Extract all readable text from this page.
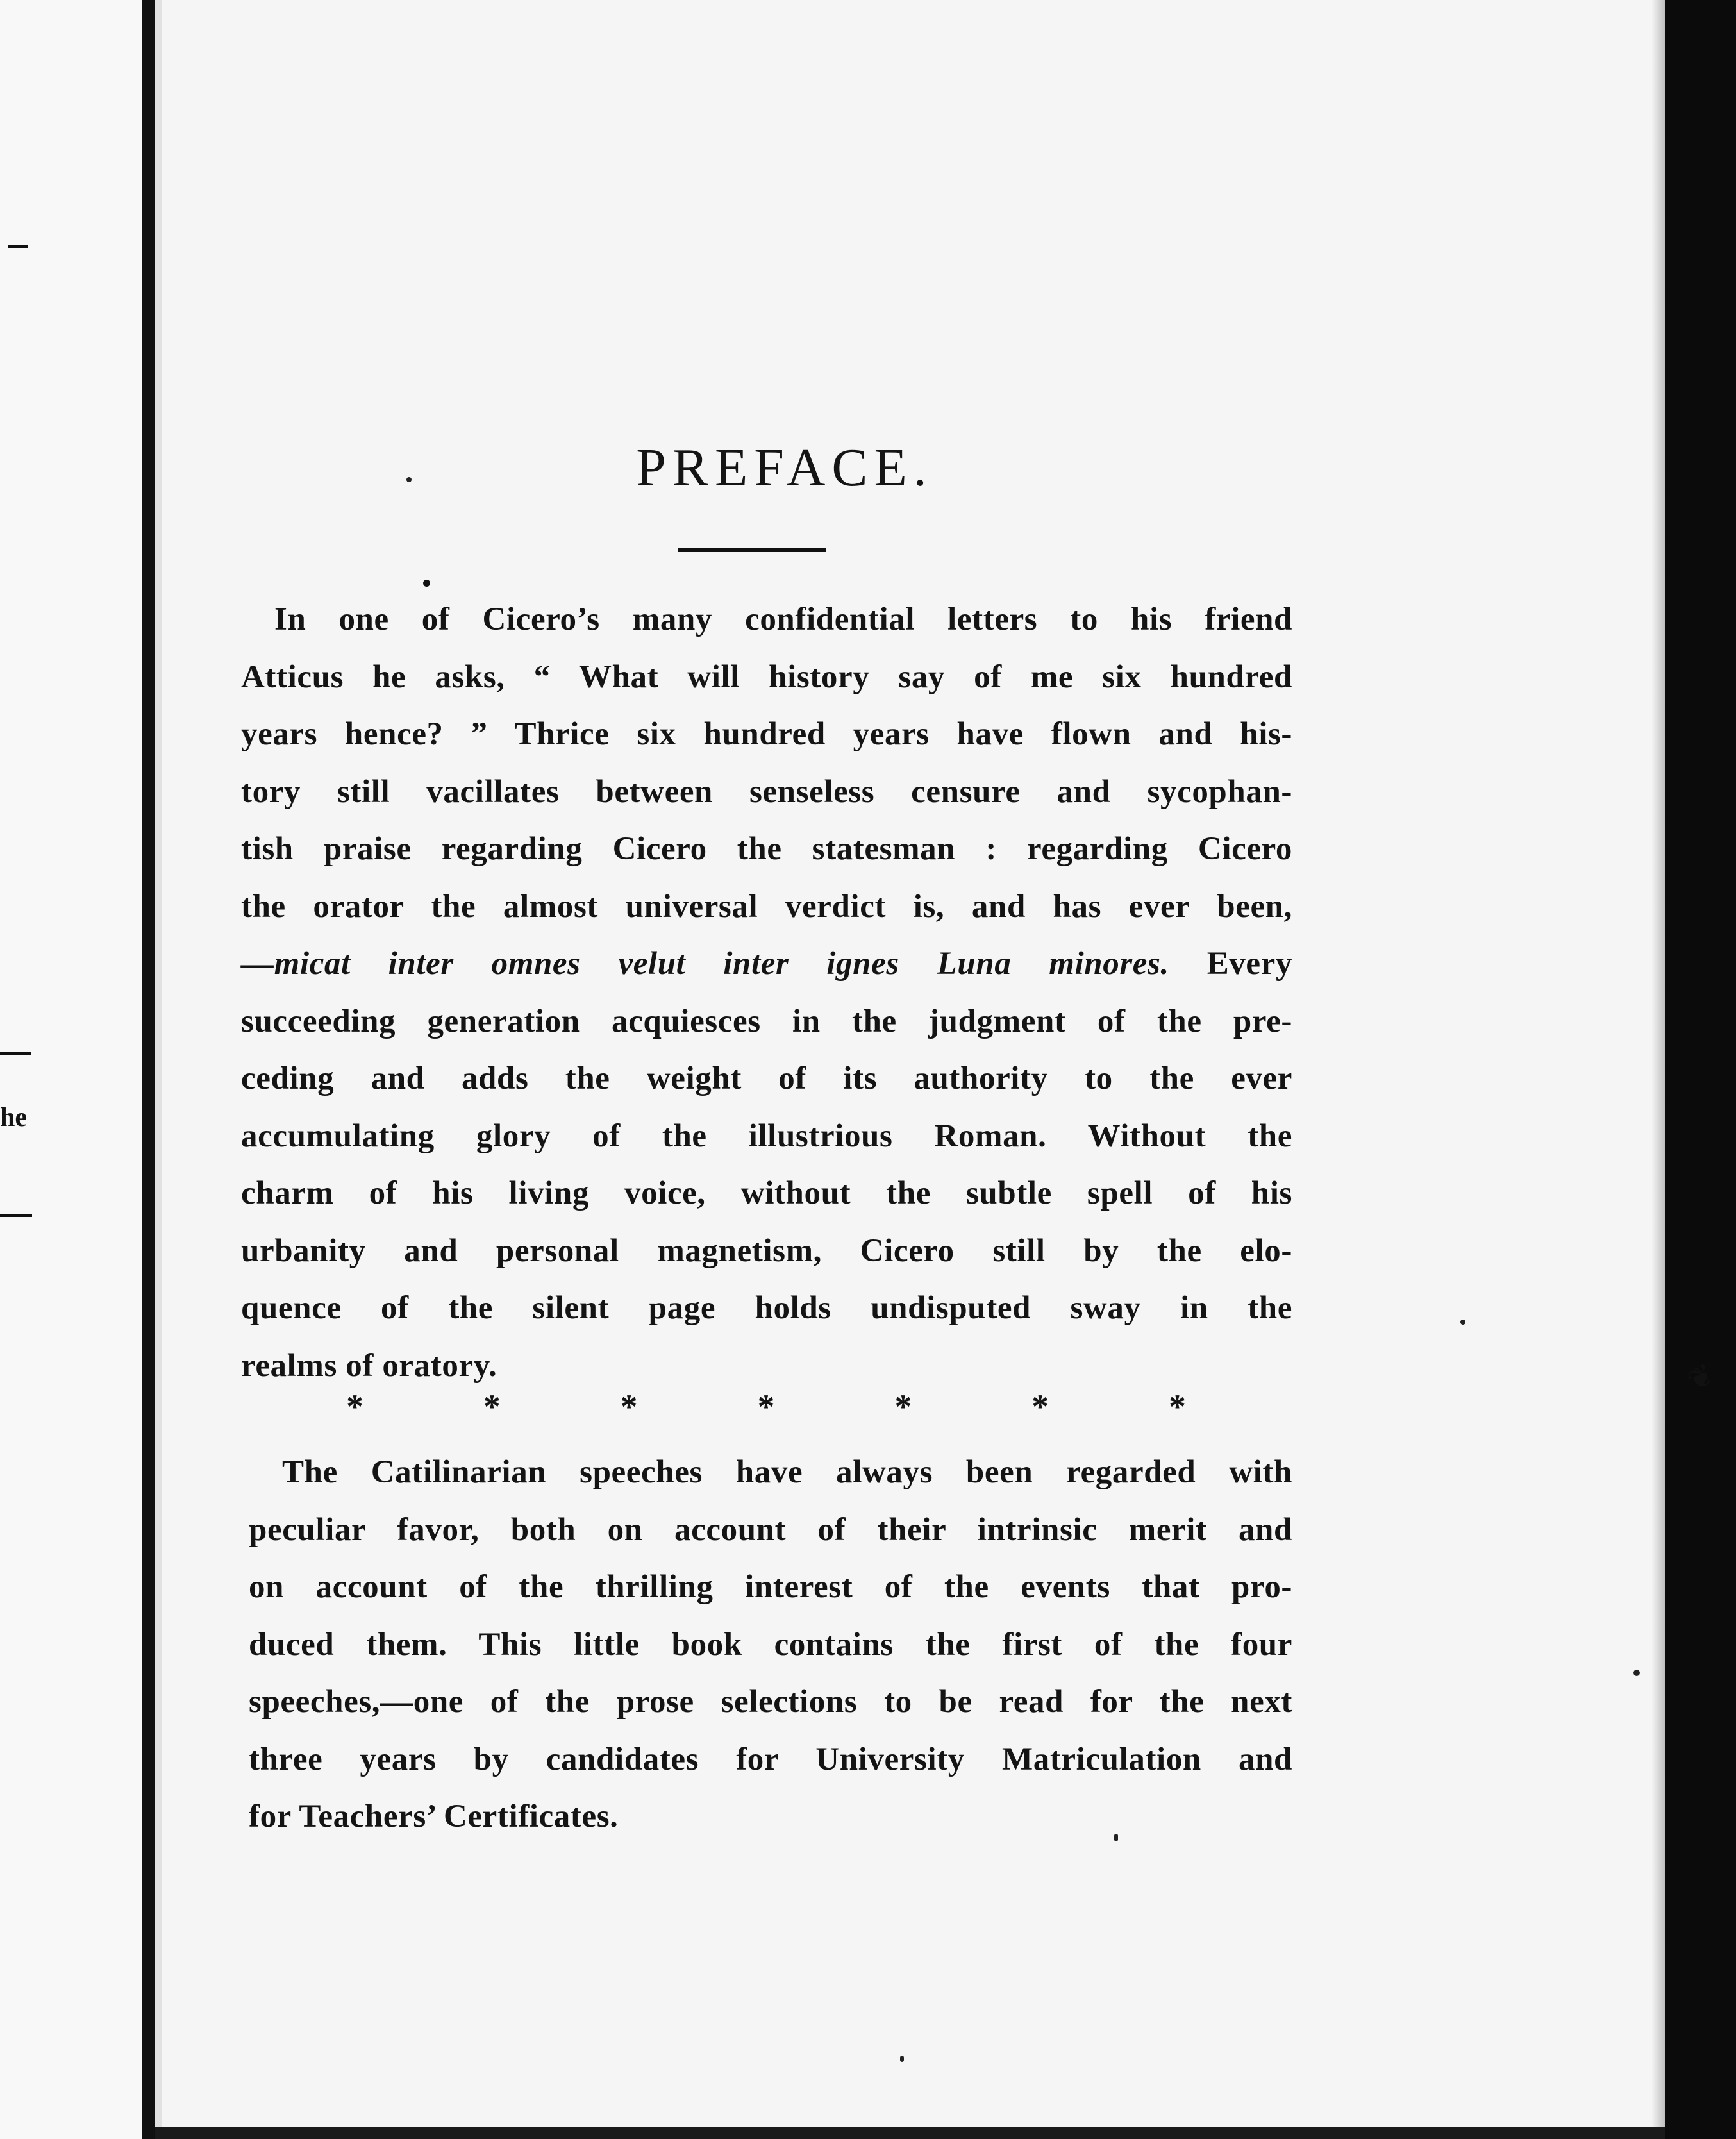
he
❦
PREFACE.

In one of Cicero’s many confidential letters to his friend
Atticus he asks, “ What will history say of me six hundred
years hence? ” Thrice six hundred years have flown and his-
tory still vacillates between senseless censure and sycophan-
tish praise regarding Cicero the statesman : regarding Cicero
the orator the almost universal verdict is, and has ever been,
—micat inter omnes velut inter ignes Luna minores. Every
succeeding generation acquiesces in the judgment of the pre-
ceding and adds the weight of its authority to the ever
accumulating glory of the illustrious Roman. Without the
charm of his living voice, without the subtle spell of his
urbanity and personal magnetism, Cicero still by the elo-
quence of the silent page holds undisputed sway in the
realms of oratory.

*	*	*	*	*	*	*

The Catilinarian speeches have always been regarded with
peculiar favor, both on account of their intrinsic merit and
on account of the thrilling interest of the events that pro-
duced them. This little book contains the first of the four
speeches,—one of the prose selections to be read for the next
three years by candidates for University Matriculation and
for Teachers’ Certificates.
